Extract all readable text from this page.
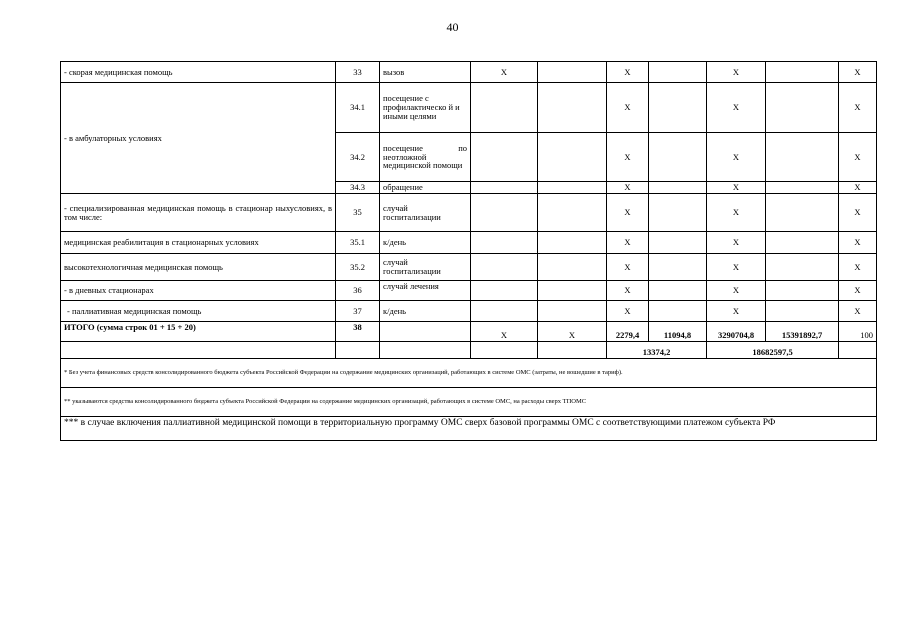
40
- скорая медицинская помощь	33	вызов	X		X		X		X
- в амбулаторных условиях	34.1	посещение с профилактическо й и иными целями			X		X		X
	34.2	посещение по неотложной медицинской помощи			X		X		X
	34.3	обращение			X		X		X
- специализированная медицинская помощь в стационар ныхусловиях, в том числе:	35	случай госпитализации			X		X		X
медицинская реабилитация в стационарных условиях	35.1	к/день			X		X		X
высокотехнологичная медицинская помощь	35.2	случай госпитализации			X		X		X
- в дневных стационарах	36	случай лечения			X		X		X
- паллиативная медицинская помощь	37	к/день			X		X		X
ИТОГО (сумма строк 01 + 15 + 20)	38		X	X	2279,4	11094,8	3290704,8	15391892,7	100
					13374,2		18682597,5		
* Без учета финансовых средств консолидированного бюджета субъекта Российской Федерации на содержание медицинских организаций, работающих в системе ОМС (затраты, не вошедшие в тариф).									
** указываются средства консолидированного бюджета субъекта Российской Федерации на содержание медицинских организаций, работающих в системе ОМС, на расходы сверх ТПОМС									
*** в случае включения паллиативной медицинской помощи в территориальную программу ОМС сверх базовой программы ОМС с соответствующими платежом субъекта РФ									
